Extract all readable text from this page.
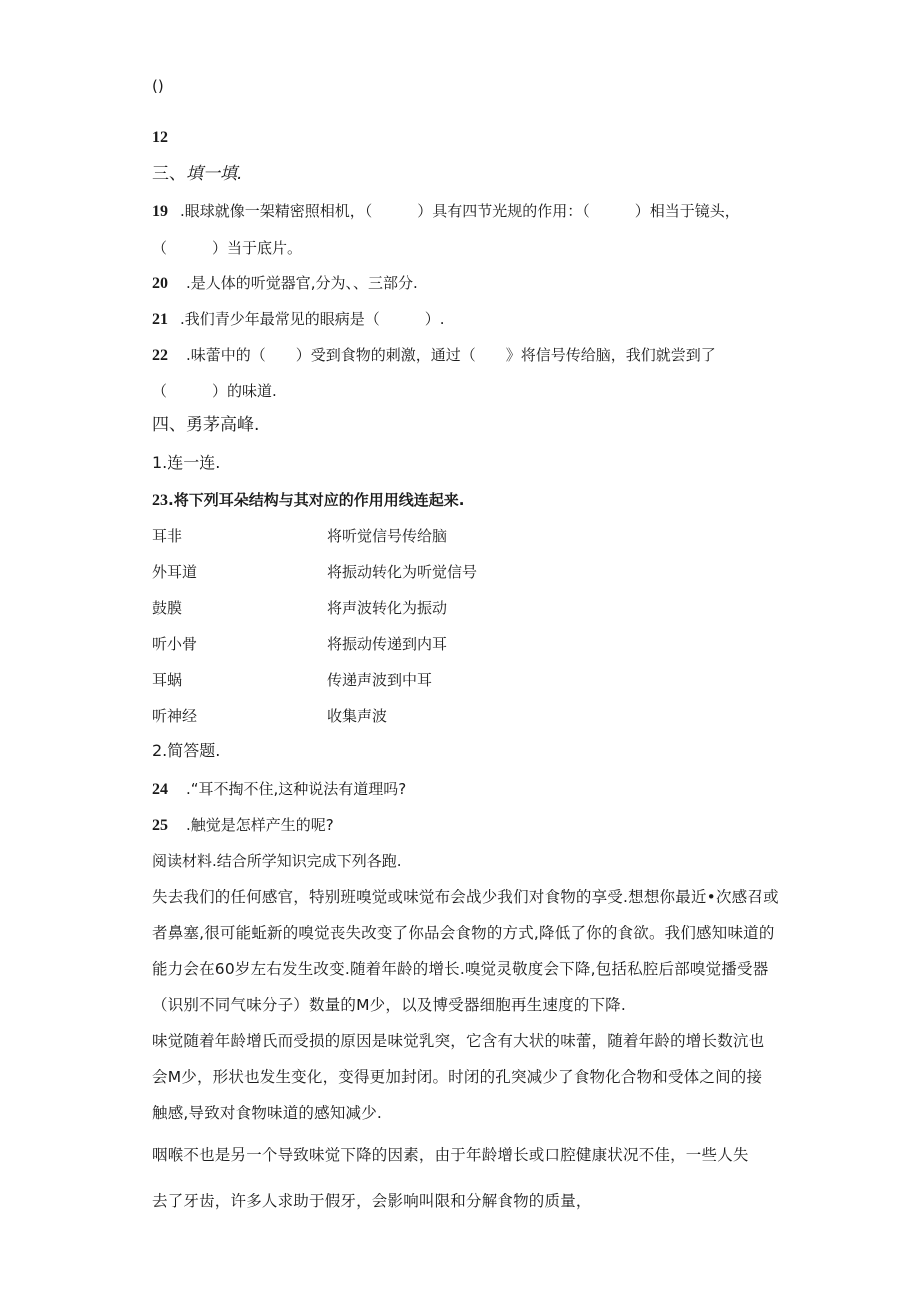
()
12
三、填一填.
19 .眼球就像一架精密照相机，（　　　）具有四节光规的作用：（　　　）相当于镜头，
（　　　）当于底片。
20 .是人体的听觉器官,分为、、三部分.
21 .我们青少年最常见的眼病是（　　　）.
22 .味蕾中的（　　）受到食物的刺激，通过（　　》将信号传给脑，我们就尝到了
（　　　）的味道.
四、勇茅高峰.
1.连一连.
23.将下列耳朵结构与其对应的作用用线连起来.
耳非	将听觉信号传给脑
外耳道	将振动转化为听觉信号
鼓膜	将声波转化为振动
听小骨	将振动传递到内耳
耳蜗	传递声波到中耳
听神经	收集声波
2.简答题.
24 .“耳不掏不住,这种说法有道理吗?
25 .触觉是怎样产生的呢?
阅读材料.结合所学知识完成下列各跑.
失去我们的任何感官，特别班嗅觉或味觉布会战少我们对食物的享受.想想你最近•次感召或
者鼻塞,很可能蚯新的嗅觉丧失改变了你品会食物的方式,降低了你的食欲。我们感知味道的
能力会在60岁左右发生改变.随着年龄的增长.嗅觉灵敬度会下降,包括私腔后部嗅觉播受器
（识别不同气味分子）数量的M少，以及博受器细胞再生速度的下降.
味觉随着年龄增氏而受损的原因是味觉乳突，它含有大状的味蕾，随着年龄的增长数沆也
会M少，形状也发生变化，变得更加封闭。时闭的孔突减少了食物化合物和受体之间的接
触感,导致对食物味道的感知减少.
咽喉不也是另一个导致味觉下降的因素，由于年龄增长或口腔健康状况不佳，一些人失
去了牙齿，许多人求助于假牙，会影响叫限和分解食物的质量，
